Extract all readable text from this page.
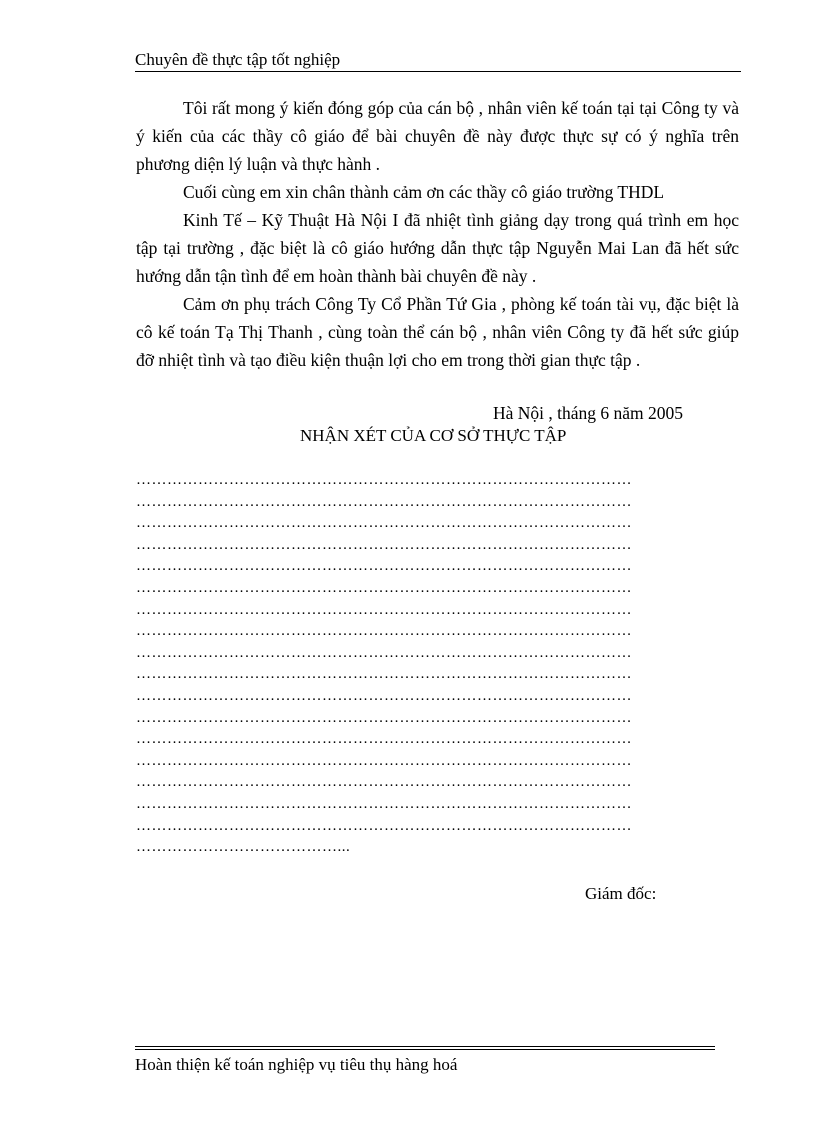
Chuyên đề thực tập tốt nghiệp

Tôi rất mong ý kiến đóng góp của cán bộ , nhân viên kế toán tại tại Công ty và ý kiến của các thầy cô giáo để bài chuyên đề này được thực sự có ý nghĩa trên phương diện lý luận và thực hành .

Cuối cùng em xin chân thành cảm ơn các thầy cô giáo trường THDL

Kinh Tế – Kỹ Thuật Hà Nội I đã nhiệt tình giảng dạy trong quá trình em học tập tại trường , đặc biệt là cô giáo hướng dẫn thực tập Nguyễn Mai Lan đã hết sức hướng dẫn tận tình để em hoàn thành bài chuyên đề này .

Cảm ơn phụ trách Công Ty Cổ Phần Tứ Gia , phòng kế toán tài vụ, đặc biệt là cô kế toán Tạ Thị Thanh , cùng toàn thể cán bộ , nhân viên Công ty đã hết sức giúp đỡ nhiệt tình và tạo điều kiện thuận lợi cho em trong thời gian thực tập .

Hà Nội , tháng 6 năm 2005
NHẬN XÉT CỦA CƠ SỞ THỰC TẬP
……………………………………………………………………………………
……………………………………………………………………………………
……………………………………………………………………………………
……………………………………………………………………………………
……………………………………………………………………………………
……………………………………………………………………………………
……………………………………………………………………………………
……………………………………………………………………………………
……………………………………………………………………………………
……………………………………………………………………………………
……………………………………………………………………………………
……………………………………………………………………………………
……………………………………………………………………………………
……………………………………………………………………………………
……………………………………………………………………………………
……………………………………………………………………………………
……………………………………………………………………………………
…………………………………...
Giám đốc:
Hoàn thiện kế toán nghiệp vụ tiêu thụ hàng hoá
